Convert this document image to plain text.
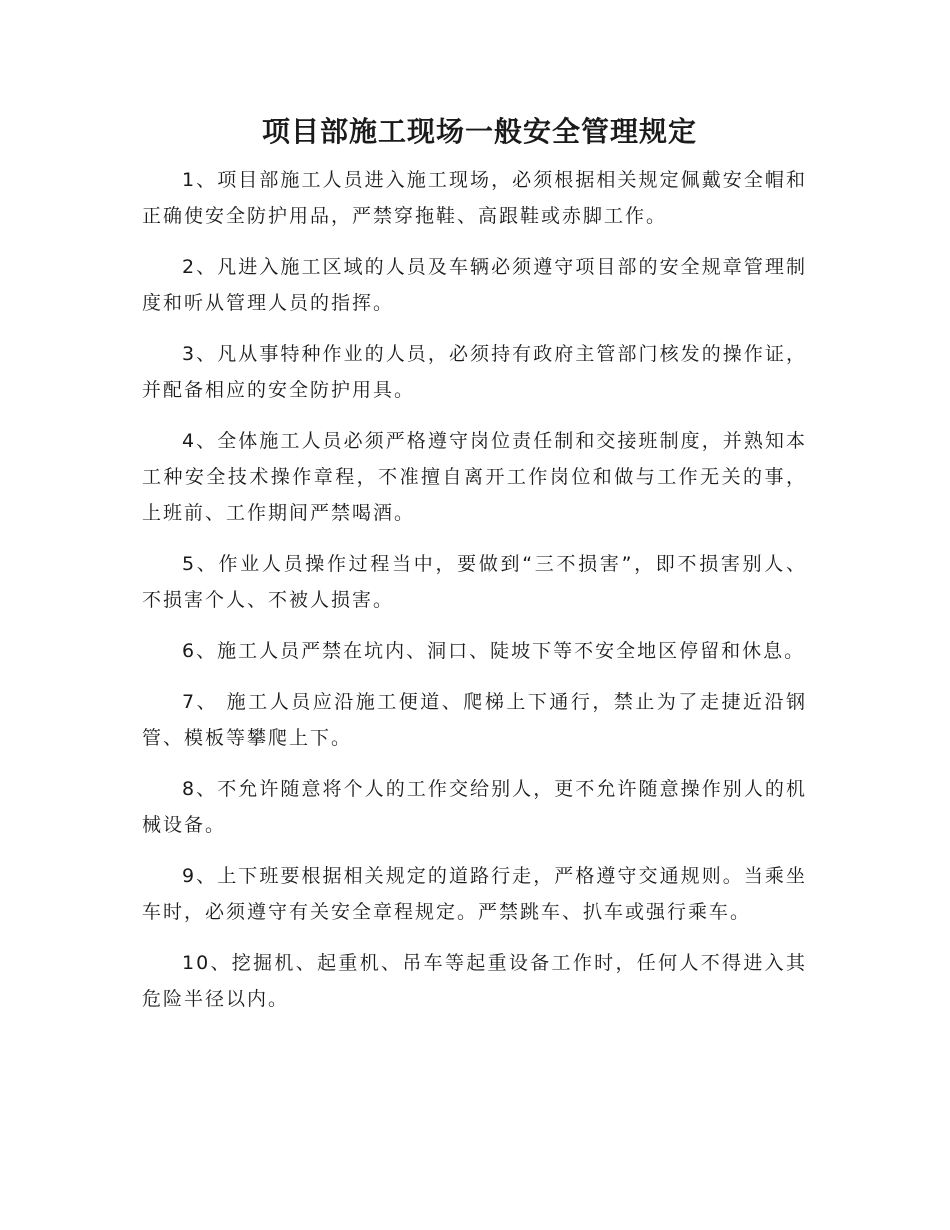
项目部施工现场一般安全管理规定

1、项目部施工人员进入施工现场，必须根据相关规定佩戴安全帽和正确使安全防护用品，严禁穿拖鞋、高跟鞋或赤脚工作。

2、凡进入施工区域的人员及车辆必须遵守项目部的安全规章管理制度和听从管理人员的指挥。

3、凡从事特种作业的人员，必须持有政府主管部门核发的操作证，并配备相应的安全防护用具。

4、全体施工人员必须严格遵守岗位责任制和交接班制度，并熟知本工种安全技术操作章程，不准擅自离开工作岗位和做与工作无关的事，上班前、工作期间严禁喝酒。

5、作业人员操作过程当中，要做到“三不损害”，即不损害别人、不损害个人、不被人损害。

6、施工人员严禁在坑内、洞口、陡坡下等不安全地区停留和休息。

7、 施工人员应沿施工便道、爬梯上下通行，禁止为了走捷近沿钢管、模板等攀爬上下。

8、不允许随意将个人的工作交给别人，更不允许随意操作别人的机械设备。

9、上下班要根据相关规定的道路行走，严格遵守交通规则。当乘坐车时，必须遵守有关安全章程规定。严禁跳车、扒车或强行乘车。

10、挖掘机、起重机、吊车等起重设备工作时，任何人不得进入其危险半径以内。
